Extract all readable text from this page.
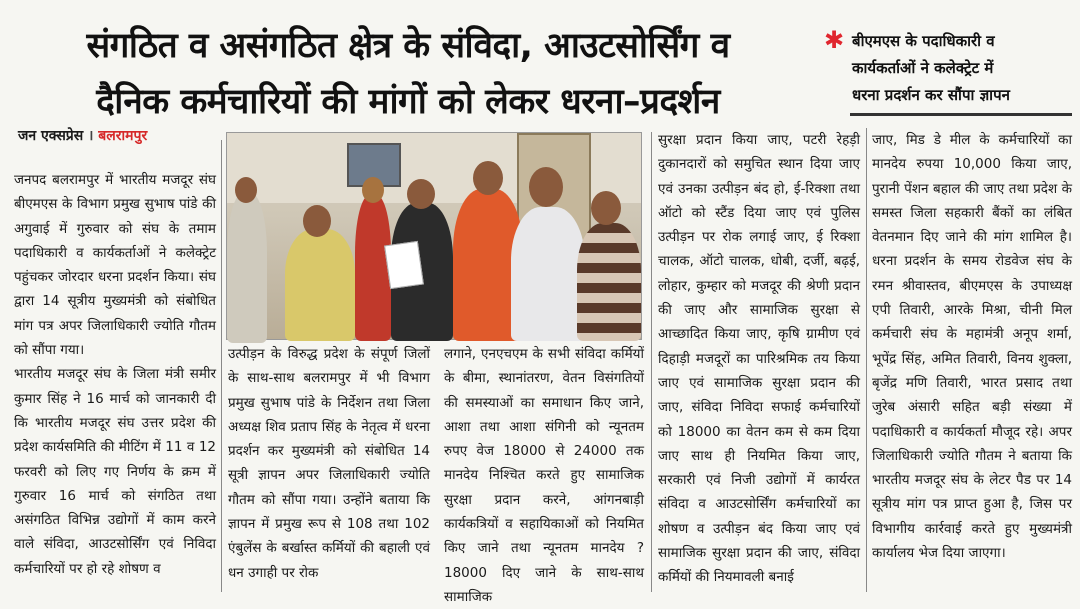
संगठित व असंगठित क्षेत्र के संविदा, आउटसोर्सिंग व
दैनिक कर्मचारियों की मांगों को लेकर धरना–प्रदर्शन
✱ बीएमएस के पदाधिकारी व
कार्यकर्ताओं ने कलेक्ट्रेट में
धरना प्रदर्शन कर सौंपा ज्ञापन
जन एक्सप्रेस । बलरामपुर

जनपद बलरामपुर में भारतीय मजदूर संघ बीएमएस के विभाग प्रमुख सुभाष पांडे की अगुवाई में गुरुवार को संघ के तमाम पदाधिकारी व कार्यकर्ताओं ने कलेक्ट्रेट पहुंचकर जोरदार धरना प्रदर्शन किया। संघ द्वारा 14 सूत्रीय मुख्यमंत्री को संबोधित मांग पत्र अपर जिलाधिकारी ज्योति गौतम को सौंपा गया।

भारतीय मजदूर संघ के जिला मंत्री समीर कुमार सिंह ने 16 मार्च को जानकारी दी कि भारतीय मजदूर संघ उत्तर प्रदेश की प्रदेश कार्यसमिति की मीटिंग में 11 व 12 फरवरी को लिए गए निर्णय के क्रम में गुरुवार 16 मार्च को संगठित तथा असंगठित विभिन्न उद्योगों में काम करने वाले संविदा, आउटसोर्सिंग एवं निविदा कर्मचारियों पर हो रहे शोषण व

उत्पीड़न के विरुद्ध प्रदेश के संपूर्ण जिलों के साथ-साथ बलरामपुर में भी विभाग प्रमुख सुभाष पांडे के निर्देशन तथा जिला अध्यक्ष शिव प्रताप सिंह के नेतृत्व में धरना प्रदर्शन कर मुख्यमंत्री को संबोधित 14 सूत्री ज्ञापन अपर जिलाधिकारी ज्योति गौतम को सौंपा गया। उन्होंने बताया कि ज्ञापन में प्रमुख रूप से 108 तथा 102 एंबुलेंस के बर्खास्त कर्मियों की बहाली एवं धन उगाही पर रोक

लगाने, एनएचएम के सभी संविदा कर्मियों के बीमा, स्थानांतरण, वेतन विसंगतियों की समस्याओं का समाधान किए जाने, आशा तथा आशा संगिनी को न्यूनतम रुपए वेज 18000 से 24000 तक मानदेय निश्चित करते हुए सामाजिक सुरक्षा प्रदान करने, आंगनबाड़ी कार्यकत्रियों व सहायिकाओं को नियमित किए जाने तथा न्यूनतम मानदेय ?18000 दिए जाने के साथ-साथ सामाजिक

सुरक्षा प्रदान किया जाए, पटरी रेहड़ी दुकानदारों को समुचित स्थान दिया जाए एवं उनका उत्पीड़न बंद हो, ई-रिक्शा तथा ऑटो को स्टैंड दिया जाए एवं पुलिस उत्पीड़न पर रोक लगाई जाए, ई रिक्शा चालक, ऑटो चालक, धोबी, दर्जी, बढ़ई, लोहार, कुम्हार को मजदूर की श्रेणी प्रदान की जाए और सामाजिक सुरक्षा से आच्छादित किया जाए, कृषि ग्रामीण एवं दिहाड़ी मजदूरों का पारिश्रमिक तय किया जाए एवं सामाजिक सुरक्षा प्रदान की जाए, संविदा निविदा सफाई कर्मचारियों को 18000 का वेतन कम से कम दिया जाए साथ ही नियमित किया जाए, सरकारी एवं निजी उद्योगों में कार्यरत संविदा व आउटसोर्सिंग कर्मचारियों का शोषण व उत्पीड़न बंद किया जाए एवं सामाजिक सुरक्षा प्रदान की जाए, संविदा कर्मियों की नियमावली बनाई

जाए, मिड डे मील के कर्मचारियों का मानदेय रुपया 10,000 किया जाए, पुरानी पेंशन बहाल की जाए तथा प्रदेश के समस्त जिला सहकारी बैंकों का लंबित वेतनमान दिए जाने की मांग शामिल है। धरना प्रदर्शन के समय रोडवेज संघ के रमन श्रीवास्तव, बीएमएस के उपाध्यक्ष एपी तिवारी, आरके मिश्रा, चीनी मिल कर्मचारी संघ के महामंत्री अनूप शर्मा, भूपेंद्र सिंह, अमित तिवारी, विनय शुक्ला, बृजेंद्र मणि तिवारी, भारत प्रसाद तथा जुरेब अंसारी सहित बड़ी संख्या में पदाधिकारी व कार्यकर्ता मौजूद रहे। अपर जिलाधिकारी ज्योति गौतम ने बताया कि भारतीय मजदूर संघ के लेटर पैड पर 14 सूत्रीय मांग पत्र प्राप्त हुआ है, जिस पर विभागीय कार्रवाई करते हुए मुख्यमंत्री कार्यालय भेज दिया जाएगा।
